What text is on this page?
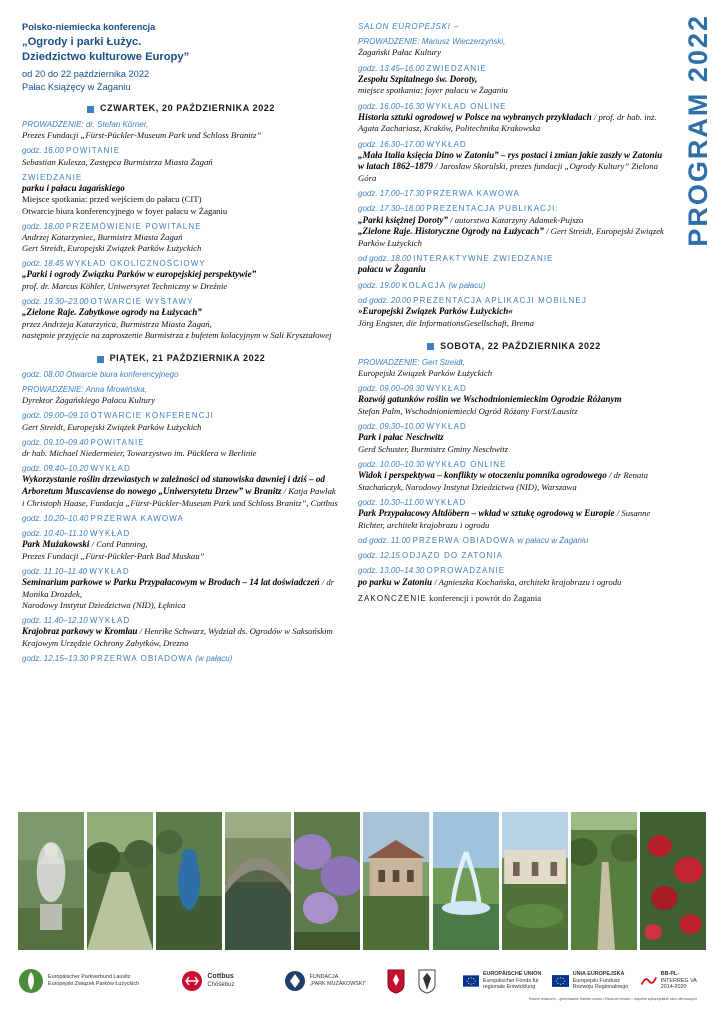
PROGRAM 2022
Polsko-niemiecka konferencja
„Ogrody i parki Łużyc.
Dziedzictwo kulturowe Europy”
od 20 do 22 października 2022
Pałac Książęcy w Żaganiu
CZWARTEK, 20 PAŹDZIERNIKA 2022
PROWADZENIE: dr. Stefan Körner,
Prezes Fundacji „Fürst-Pückler-Museum Park und Schloss Branitz”
godz. 16.00 POWITANIE
Sebastian Kulesza, Zastępca Burmistrza Miasta Żagań
ZWIEDZANIE
parku i pałacu żagańskiego
Miejsce spotkania: przed wejściem do pałacu (CIT)
Otwarcie biura konferencyjnego w foyer pałacu w Żaganiu
godz. 18.00 PRZEMÓWIENIE POWITALNE
Andrzej Katarzyniec, Burmistrz Miasta Żagań
Gert Streidt, Europejski Związek Parków Łużyckich
godz. 18.45 WYKŁAD OKOLICZNOŚCIOWY
„Parki i ogrody Związku Parków w europejskiej perspektywie”
prof. dr. Marcus Köhler, Uniwersytet Techniczny w Dreźnie
godz. 19.30–23.00 OTWARCIE WYSTAWY
„Zielone Raje. Zabytkowe ogrody na Łużycach”
przez Andrzeja Katarzyńca, Burmistrza Miasta Żagań,
następnie przyjęcie na zaproszenie Burmistrza z bufetem kolacyjnym w Sali Kryształowej
PIĄTEK, 21 PAŹDZIERNIKA 2022
godz. 08.00 Otwarcie biura konferencyjnego
PROWADZENIE: Anna Mrowińska,
Dyrektor Żagańskiego Pałacu Kultury
godz. 09.00–09.10 OTWARCIE KONFERENCJI
Gert Streidt, Europejski Związek Parków Łużyckich
godz. 09.10–09.40 POWITANIE
dr hab. Michael Niedermeier, Towarzystwo im. Pücklera w Berlinie
godz. 09.40–10.20 WYKŁAD
Wykorzystanie roślin drzewiastych w zależności od stanowiska dawniej i dziś – od Arboretum Muscaviense do nowego „Uniwersytetu Drzew” w Branitz / Katja Pawlak i Christoph Haase, Fundacja „Fürst-Pückler-Museum Park und Schloss Branitz”, Cottbus
godz. 10.20–10.40 PRZERWA KAWOWA
godz. 10.40–11.10 WYKŁAD
Park Mużakowski / Cord Panning,
Prezes Fundacji „Fürst-Pückler-Park Bad Muskau”
godz. 11.10–11.40 WYKŁAD
Seminarium parkowe w Parku Przypałacowym w Brodach – 14 lat doświadczeń / dr Monika Drozdek,
Narodowy Instytut Dziedzictwa (NID), Łęknica
godz. 11.40–12.10 WYKŁAD
Krajobraz parkowy w Kromlau / Henrike Schwarz, Wydział ds. Ogrodów w Saksońskim Krajowym Urzędzie Ochrony Zabytków, Drezno
godz. 12.15–13.30 PRZERWA OBIADOWA (w pałacu)
SALON EUROPEJSKI –
PROWADZENIE: Mariusz Wieczerzyński,
Żagański Pałac Kultury
godz. 13.45–16.00 ZWIEDZANIE
Zespołu Szpitalnego św. Doroty,
miejsce spotkania: foyer pałacu w Żaganiu
godz. 16.00–16.30 WYKŁAD ONLINE
Historia sztuki ogrodowej w Polsce na wybranych przykładach / prof. dr hab. inż. Agata Zachariasz, Kraków, Politechnika Krakowska
godz. 16.30–17.00 WYKŁAD
„Mała Italia księcia Dino w Zatoniu” – rys postaci i zmian jakie zaszły w Zatoniu w latach 1862–1879 / Jarosław Skorulski, prezes fundacji „Ogrody Kultury” Zielona Góra
godz. 17.00–17.30 PRZERWA KAWOWA
godz. 17.30–18.00 PREZENTACJA PUBLIKACJI:
„Parki księżnej Doroty” / autorstwa Katarzyny Adamek-Pujszo
„Zielone Raje. Historyczne Ogrody na Łużycach” / Gert Streidt, Europejski Związek Parków Łużyckich
od godz. 18.00 INTERAKTYWNE ZWIEDZANIE
pałacu w Żaganiu
godz. 19.00 KOLACJA (w pałacu)
od godz. 20.00 PREZENTACJA APLIKACJI MOBILNEJ
»Europejski Związek Parków Łużyckich«
Jörg Engster, die InformationsGesellschaft, Brema
SOBOTA, 22 PAŹDZIERNIKA 2022
PROWADZENIE: Gert Streidt,
Europejski Związek Parków Łużyckich
godz. 09.00–09.30 WYKŁAD
Rozwój gatunków roślin we Wschodnioniemieckim Ogrodzie Różanym
Stefan Palm, Wschodnioniemiecki Ogród Różany Forst/Lausitz
godz. 09.30–10.00 WYKŁAD
Park i pałac Neschwitz
Gerd Schuster, Burmistrz Gminy Neschwitz
godz. 10.00–10.30 WYKŁAD ONLINE
Widok i perspektywa – konflikty w otoczeniu pomnika ogrodowego / dr Renata Stachańczyk, Narodowy Instytut Dziedzictwa (NID), Warszawa
godz. 10.30–11.00 WYKŁAD
Park Przypałacowy Altdöbern – wkład w sztukę ogrodową w Europie / Susanne Richter, architekt krajobrazu i ogrodu
od godz. 11.00 PRZERWA OBIADOWA w pałacu w Żaganiu
godz. 12.15 ODJAZD DO ZATONIA
godz. 13.00–14.30 OPROWADZANIE
po parku w Zatoniu / Agnieszka Kochańska, architekt krajobrazu i ogrodu
ZAKOŃCZENIE konferencji i powrót do Żagania
Europäischer Parkverbund Lausitz
Europejski Związek Parków Łużyckich
Cottbus
Chóśebuz
FUNDACJA
„PARK MUŻAKOWSKI”
EUROPÄISCHE UNION
Europäischer Fonds für regionale Entwicklung
UNIA EUROPEJSKA
Europejski Fundusz Rozwoju Regionalnego
BB-PL-
INTERREG VA 2014-2020
Razem redakcem – gemeinsame Sachen nutzen / Reduziert kreativ – wspólne wykorzystanie sieci oferowanych
